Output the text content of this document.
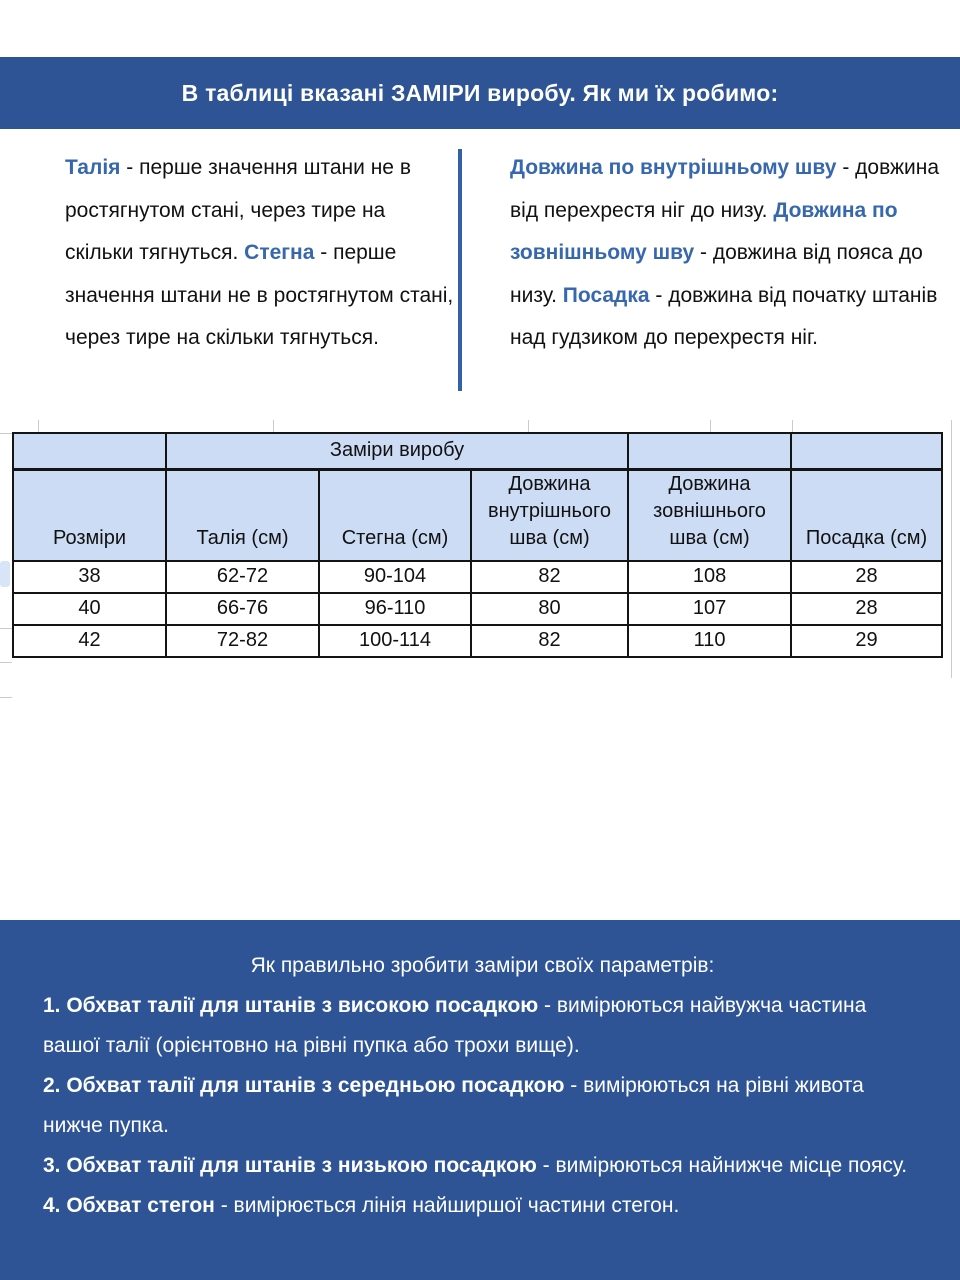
В таблиці вказані ЗАМІРИ виробу. Як ми їх робимо:
Талія - перше значення штани не в ростягнутом стані, через тире на скільки тягнуться. Стегна - перше значення штани не в ростягнутом стані, через тире на скільки тягнуться.
Довжина по внутрішньому шву - довжина від перехрестя ніг до низу. Довжина по зовнішньому шву - довжина від пояса до низу. Посадка - довжина від початку штанів над гудзиком до перехрестя ніг.
	Заміри виробу				
Розміри	Талія (см)	Стегна (см)	Довжина внутрішнього шва (см)	Довжина зовнішнього шва (см)	Посадка (см)
38	62-72	90-104	82	108	28
40	66-76	96-110	80	107	28
42	72-82	100-114	82	110	29

Як правильно зробити заміри своїх параметрів:

1. Обхват талії для штанів з високою посадкою - вимірюються найвужча частина вашої талії (орієнтовно на рівні пупка або трохи вище).

2. Обхват талії для штанів з середньою посадкою - вимірюються на рівні живота нижче пупка.

3. Обхват талії для штанів з низькою посадкою - вимірюються найнижче місце поясу.

4. Обхват стегон - вимірюється лінія найширшої частини стегон.
